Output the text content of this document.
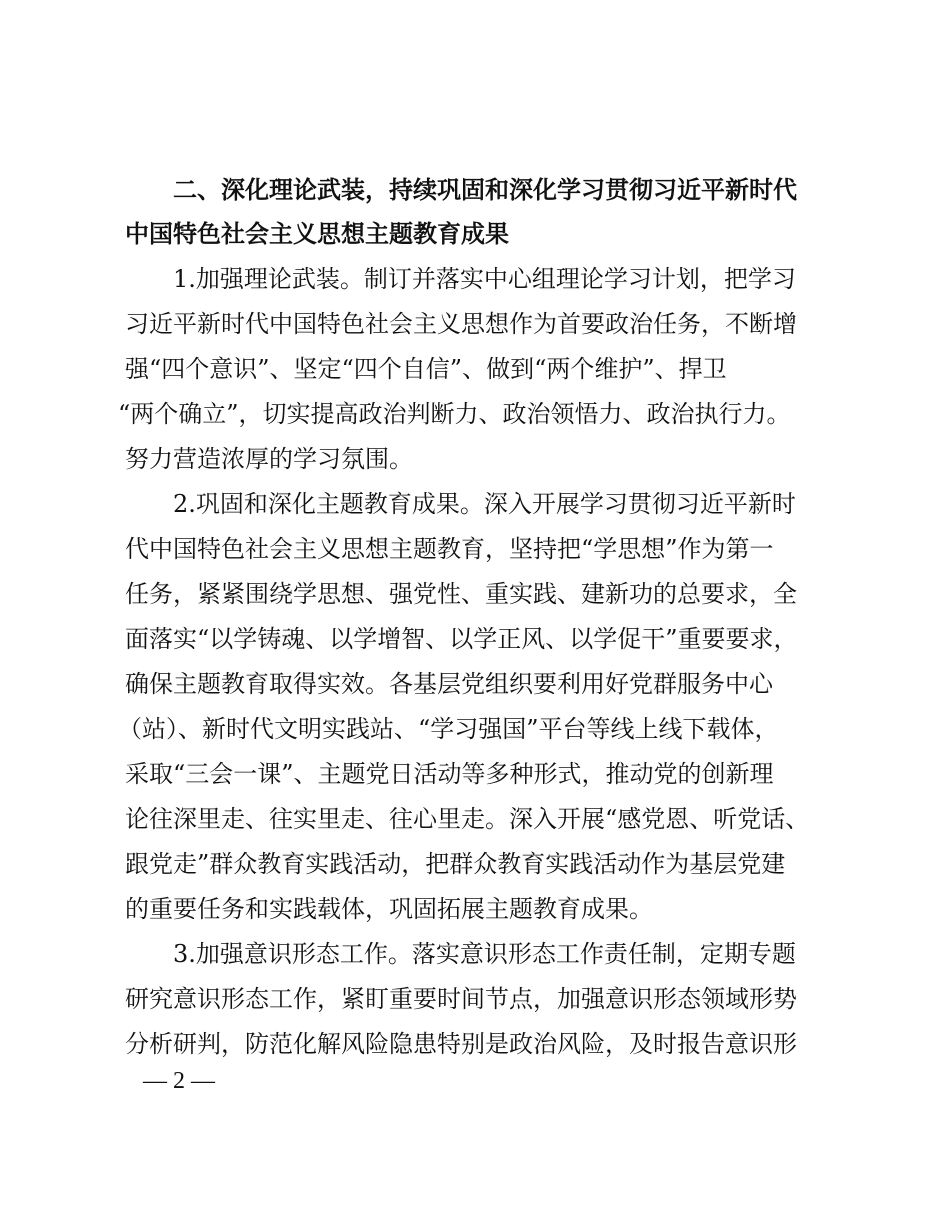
二、深化理论武装，持续巩固和深化学习贯彻习近平新时代
中国特色社会主义思想主题教育成果
1.加强理论武装。制订并落实中心组理论学习计划，把学习
习近平新时代中国特色社会主义思想作为首要政治任务，不断增
强“四个意识”、坚定“四个自信”、做到“两个维护”、捍卫
“两个确立”，切实提高政治判断力、政治领悟力、政治执行力。
努力营造浓厚的学习氛围。
2.巩固和深化主题教育成果。深入开展学习贯彻习近平新时
代中国特色社会主义思想主题教育，坚持把“学思想”作为第一
任务，紧紧围绕学思想、强党性、重实践、建新功的总要求，全
面落实“以学铸魂、以学增智、以学正风、以学促干”重要要求，
确保主题教育取得实效。各基层党组织要利用好党群服务中心
（站）、新时代文明实践站、“学习强国”平台等线上线下载体，
采取“三会一课”、主题党日活动等多种形式，推动党的创新理
论往深里走、往实里走、往心里走。深入开展“感党恩、听党话、
跟党走”群众教育实践活动，把群众教育实践活动作为基层党建
的重要任务和实践载体，巩固拓展主题教育成果。
3.加强意识形态工作。落实意识形态工作责任制，定期专题
研究意识形态工作，紧盯重要时间节点，加强意识形态领域形势
分析研判，防范化解风险隐患特别是政治风险，及时报告意识形
— 2 —
